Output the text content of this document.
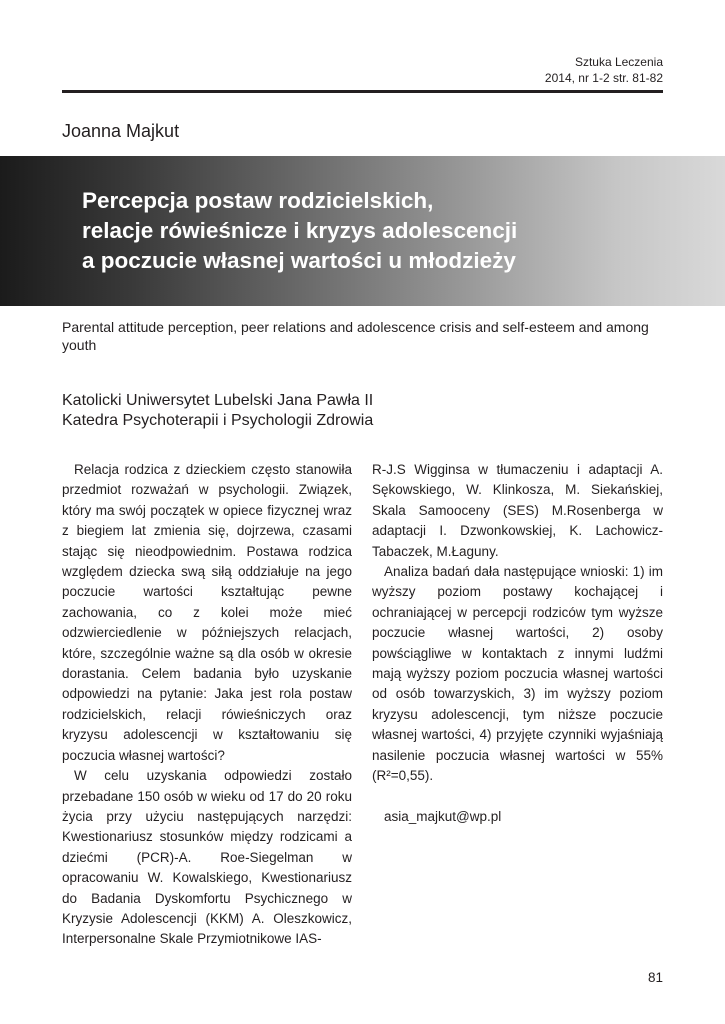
Sztuka Leczenia
2014, nr 1-2 str. 81-82
Joanna Majkut
Percepcja postaw rodzicielskich,
relacje rówieśnicze i kryzys adolescencji
a poczucie własnej wartości u młodzieży
Parental attitude perception, peer relations and adolescence crisis and self-esteem and among youth
Katolicki Uniwersytet Lubelski Jana Pawła II
Katedra Psychoterapii i Psychologii Zdrowia

Relacja rodzica z dzieckiem często stanowiła przedmiot rozważań w psychologii. Związek, który ma swój początek w opiece fizycznej wraz z biegiem lat zmienia się, dojrzewa, czasami stając się nieodpowiednim. Postawa rodzica względem dziecka swą siłą oddziałuje na jego poczucie wartości kształtując pewne zachowania, co z kolei może mieć odzwierciedlenie w późniejszych relacjach, które, szczególnie ważne są dla osób w okresie dorastania. Celem badania było uzyskanie odpowiedzi na pytanie: Jaka jest rola postaw rodzicielskich, relacji rówieśniczych oraz kryzysu adolescencji w kształtowaniu się poczucia własnej wartości?

W celu uzyskania odpowiedzi zostało przebadane 150 osób w wieku od 17 do 20 roku życia przy użyciu następujących narzędzi: Kwestionariusz stosunków między rodzicami a dziećmi (PCR)-A. Roe-Siegelman w opracowaniu W. Kowalskiego, Kwestionariusz do Badania Dyskomfortu Psychicznego w Kryzysie Adolescencji (KKM) A. Oleszkowicz, Interpersonalne Skale Przymiotnikowe IAS-

R-J.S Wigginsa w tłumaczeniu i adaptacji A. Sękowskiego, W. Klinkosza, M. Siekańskiej, Skala Samooceny (SES) M.Rosenberga w adaptacji I. Dzwonkowskiej, K. Lachowicz-Tabaczek, M.Łaguny.

Analiza badań dała następujące wnioski: 1) im wyższy poziom postawy kochającej i ochraniającej w percepcji rodziców tym wyższe poczucie własnej wartości, 2) osoby powściągliwe w kontaktach z innymi ludźmi mają wyższy poziom poczucia własnej wartości od osób towarzyskich, 3) im wyższy poziom kryzysu adolescencji, tym niższe poczucie własnej wartości, 4) przyjęte czynniki wyjaśniają nasilenie poczucia własnej wartości w 55% (R²=0,55).

asia_majkut@wp.pl

81
